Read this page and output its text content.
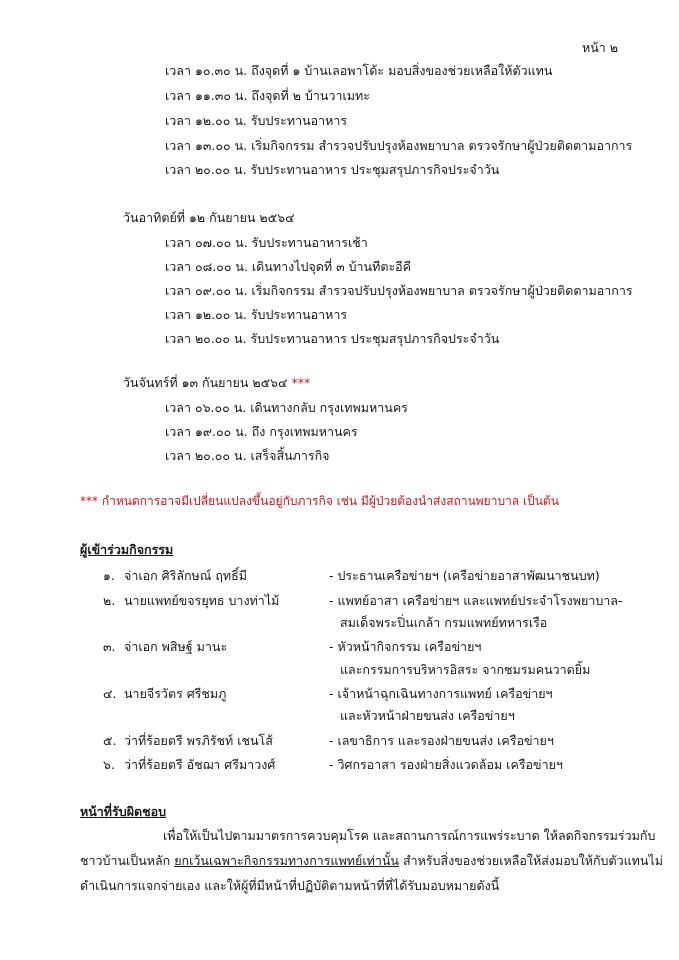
หน้า ๒
เวลา ๑๐.๓๐ น. ถึงจุดที่ ๑ บ้านเลอพาโด้ะ มอบสิ่งของช่วยเหลือให้ตัวแทน
เวลา ๑๑.๓๐ น. ถึงจุดที่ ๒ บ้านวาเมทะ
เวลา ๑๒.๐๐ น. รับประทานอาหาร
เวลา ๑๓.๐๐ น. เริ่มกิจกรรม สำรวจปรับปรุงห้องพยาบาล ตรวจรักษาผู้ป่วยติดตามอาการ
เวลา ๒๐.๐๐ น. รับประทานอาหาร ประชุมสรุปภารกิจประจำวัน
วันอาทิตย์ที่ ๑๒ กันยายน ๒๕๖๔
เวลา ๐๗.๐๐ น. รับประทานอาหารเช้า
เวลา ๐๘.๐๐ น. เดินทางไปจุดที่ ๓ บ้านทีตะอีคี
เวลา ๐๙.๐๐ น. เริ่มกิจกรรม สำรวจปรับปรุงห้องพยาบาล ตรวจรักษาผู้ป่วยติดตามอาการ
เวลา ๑๒.๐๐ น. รับประทานอาหาร
เวลา ๒๐.๐๐ น. รับประทานอาหาร ประชุมสรุปภารกิจประจำวัน
วันจันทร์ที่ ๑๓ กันยายน ๒๕๖๔ ***
เวลา ๐๖.๐๐ น. เดินทางกลับ กรุงเทพมหานคร
เวลา ๑๙.๐๐ น. ถึง กรุงเทพมหานคร
เวลา ๒๐.๐๐ น. เสร็จสิ้นภารกิจ
*** กำหนดการอาจมีเปลี่ยนแปลงขึ้นอยู่กับภารกิจ เช่น มีผู้ป่วยต้องนำส่งสถานพยาบาล เป็นต้น
ผู้เข้าร่วมกิจกรรม
๑. จ่าเอก ศิริลักษณ์ ฤทธิ์มี	- ประธานเครือข่ายฯ (เครือข่ายอาสาพัฒนาชนบท)
๒. นายแพทย์ขจรยุทธ บางท่าไม้	- แพทย์อาสา เครือข่ายฯ และแพทย์ประจำโรงพยาบาล-
สมเด็จพระปิ่นเกล้า กรมแพทย์ทหารเรือ
๓. จ่าเอก พสิษฐ์ มานะ	- หัวหน้ากิจกรรม เครือข่ายฯ
และกรรมการบริหารอิสระ จากชมรมคนวาดยิ้ม
๔. นายจีรวัตร ศรีชมภู	- เจ้าหน้าฉุกเฉินทางการแพทย์ เครือข่ายฯ
และหัวหน้าฝ่ายขนส่ง เครือข่ายฯ
๕. ว่าที่ร้อยตรี พรภิรัชท์ เชนโส้	- เลขาธิการ และรองฝ่ายขนส่ง เครือข่ายฯ
๖. ว่าที่ร้อยตรี อัชฌา ศรีมาวงศ์	- วิศกรอาสา รองฝ่ายสิ่งแวดล้อม เครือข่ายฯ
หน้าที่รับผิดชอบ
เพื่อให้เป็นไปตามมาตรการควบคุมโรค และสถานการณ์การแพร่ระบาด ให้ลดกิจกรรมร่วมกับ
ชาวบ้านเป็นหลัก ยกเว้นเฉพาะกิจกรรมทางการแพทย์เท่านั้น สำหรับสิ่งของช่วยเหลือให้ส่งมอบให้กับตัวแทนไม่
ดำเนินการแจกจ่ายเอง และให้ผู้ที่มีหน้าที่ปฏิบัติตามหน้าที่ที่ได้รับมอบหมายดังนี้
